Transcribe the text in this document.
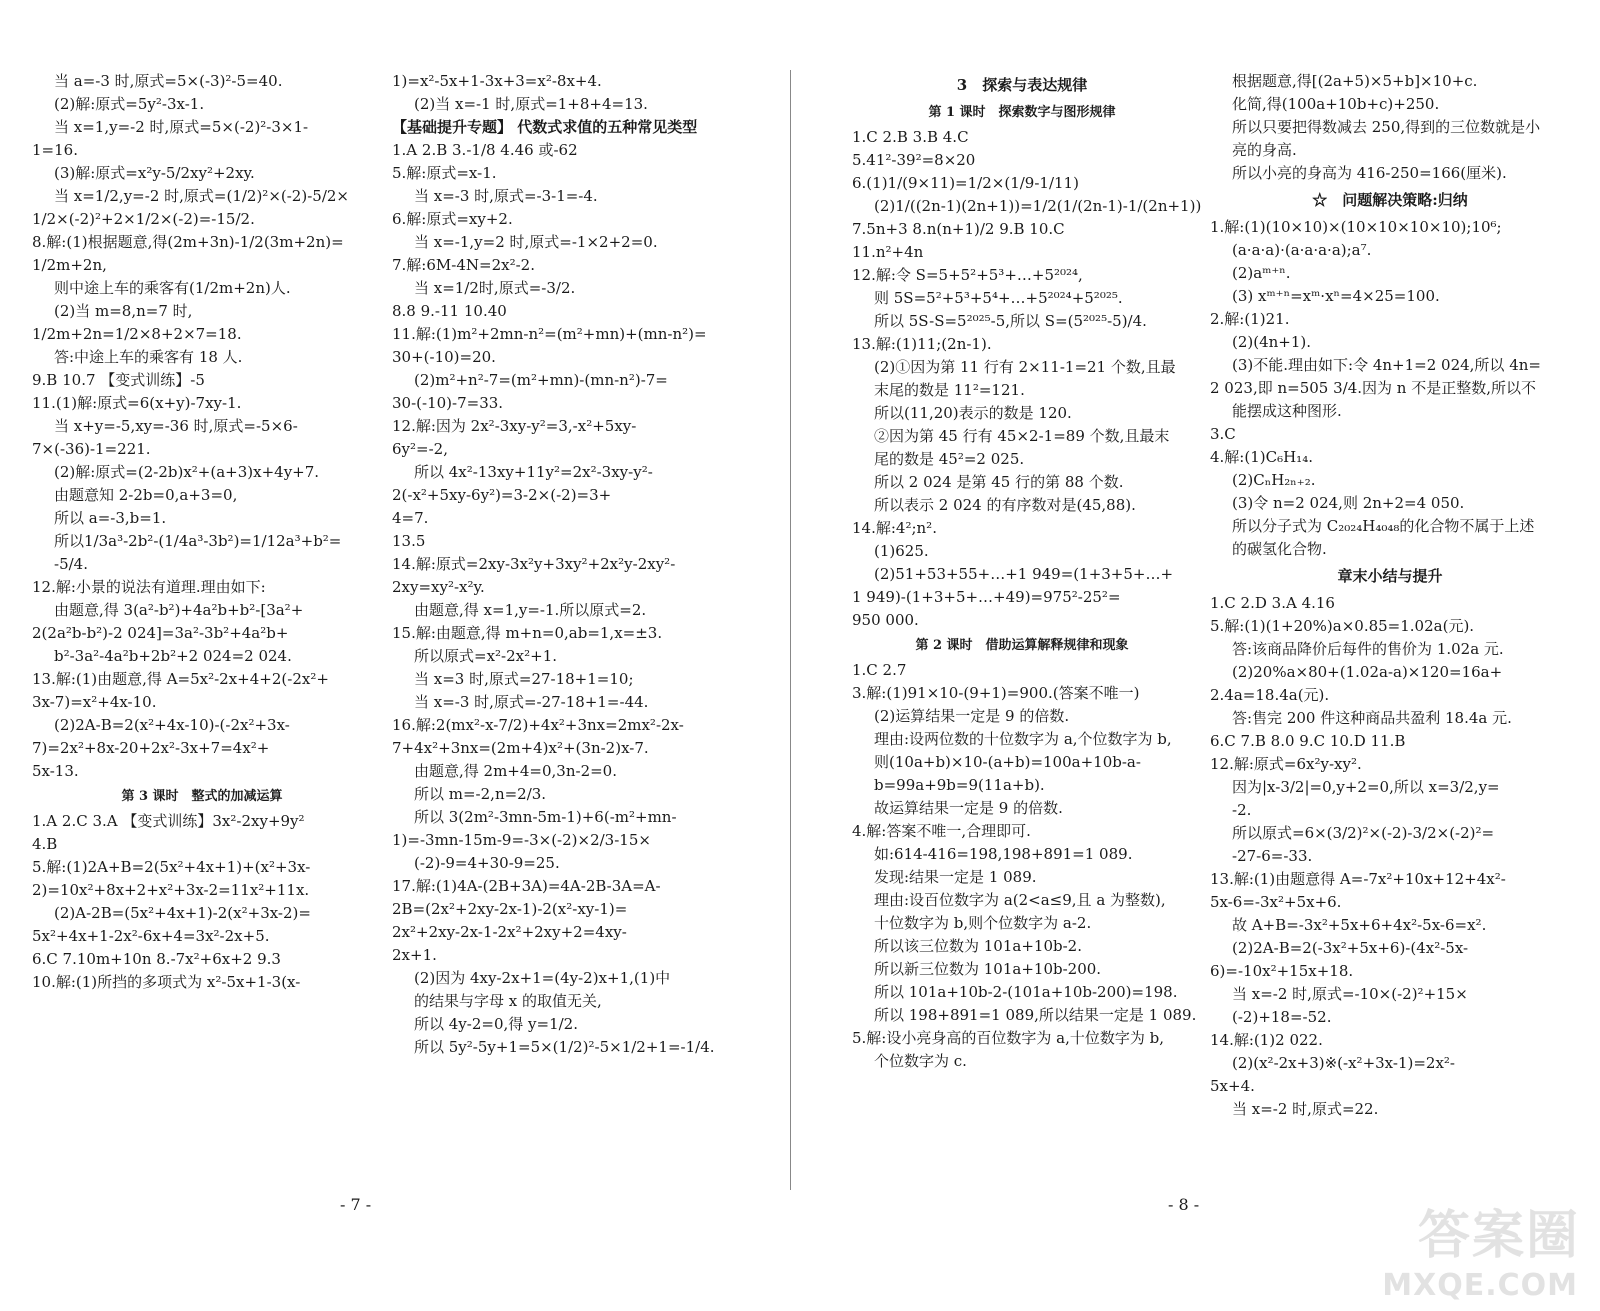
当 a=-3 时,原式=5×(-3)²-5=40.
(2)解:原式=5y²-3x-1.
当 x=1,y=-2 时,原式=5×(-2)²-3×1-
1=16.
(3)解:原式=x²y-5/2xy²+2xy.
当 x=1/2,y=-2 时,原式=(1/2)²×(-2)-5/2×
1/2×(-2)²+2×1/2×(-2)=-15/2.
8.解:(1)根据题意,得(2m+3n)-1/2(3m+2n)=
1/2m+2n,
则中途上车的乘客有(1/2m+2n)人.
(2)当 m=8,n=7 时,
1/2m+2n=1/2×8+2×7=18.
答:中途上车的乘客有 18 人.
9.B 10.7 【变式训练】-5
11.(1)解:原式=6(x+y)-7xy-1.
当 x+y=-5,xy=-36 时,原式=-5×6-
7×(-36)-1=221.
(2)解:原式=(2-2b)x²+(a+3)x+4y+7.
由题意知 2-2b=0,a+3=0,
所以 a=-3,b=1.
所以1/3a³-2b²-(1/4a³-3b²)=1/12a³+b²=
-5/4.
12.解:小景的说法有道理.理由如下:
由题意,得 3(a²-b²)+4a²b+b²-[3a²+
2(2a²b-b²)-2 024]=3a²-3b²+4a²b+
b²-3a²-4a²b+2b²+2 024=2 024.
13.解:(1)由题意,得 A=5x²-2x+4+2(-2x²+
3x-7)=x²+4x-10.
(2)2A-B=2(x²+4x-10)-(-2x²+3x-
7)=2x²+8x-20+2x²-3x+7=4x²+
5x-13.
第 3 课时　整式的加减运算
1.A 2.C 3.A 【变式训练】3x²-2xy+9y²
4.B
5.解:(1)2A+B=2(5x²+4x+1)+(x²+3x-
2)=10x²+8x+2+x²+3x-2=11x²+11x.
(2)A-2B=(5x²+4x+1)-2(x²+3x-2)=
5x²+4x+1-2x²-6x+4=3x²-2x+5.
6.C 7.10m+10n 8.-7x²+6x+2 9.3
10.解:(1)所挡的多项式为 x²-5x+1-3(x-
1)=x²-5x+1-3x+3=x²-8x+4.
(2)当 x=-1 时,原式=1+8+4=13.
【基础提升专题】 代数式求值的五种常见类型
1.A 2.B 3.-1/8 4.46 或-62
5.解:原式=x-1.
当 x=-3 时,原式=-3-1=-4.
6.解:原式=xy+2.
当 x=-1,y=2 时,原式=-1×2+2=0.
7.解:6M-4N=2x²-2.
当 x=1/2时,原式=-3/2.
8.8 9.-11 10.40
11.解:(1)m²+2mn-n²=(m²+mn)+(mn-n²)=
30+(-10)=20.
(2)m²+n²-7=(m²+mn)-(mn-n²)-7=
30-(-10)-7=33.
12.解:因为 2x²-3xy-y²=3,-x²+5xy-
6y²=-2,
所以 4x²-13xy+11y²=2x²-3xy-y²-
2(-x²+5xy-6y²)=3-2×(-2)=3+
4=7.
13.5
14.解:原式=2xy-3x²y+3xy²+2x²y-2xy²-
2xy=xy²-x²y.
由题意,得 x=1,y=-1.所以原式=2.
15.解:由题意,得 m+n=0,ab=1,x=±3.
所以原式=x²-2x²+1.
当 x=3 时,原式=27-18+1=10;
当 x=-3 时,原式=-27-18+1=-44.
16.解:2(mx²-x-7/2)+4x²+3nx=2mx²-2x-
7+4x²+3nx=(2m+4)x²+(3n-2)x-7.
由题意,得 2m+4=0,3n-2=0.
所以 m=-2,n=2/3.
所以 3(2m²-3mn-5m-1)+6(-m²+mn-
1)=-3mn-15m-9=-3×(-2)×2/3-15×
(-2)-9=4+30-9=25.
17.解:(1)4A-(2B+3A)=4A-2B-3A=A-
2B=(2x²+2xy-2x-1)-2(x²-xy-1)=
2x²+2xy-2x-1-2x²+2xy+2=4xy-
2x+1.
(2)因为 4xy-2x+1=(4y-2)x+1,(1)中
的结果与字母 x 的取值无关,
所以 4y-2=0,得 y=1/2.
所以 5y²-5y+1=5×(1/2)²-5×1/2+1=-1/4.
3　探索与表达规律
第 1 课时　探索数字与图形规律
1.C 2.B 3.B 4.C
5.41²-39²=8×20
6.(1)1/(9×11)=1/2×(1/9-1/11)
(2)1/((2n-1)(2n+1))=1/2(1/(2n-1)-1/(2n+1))
7.5n+3 8.n(n+1)/2 9.B 10.C
11.n²+4n
12.解:令 S=5+5²+5³+…+5²⁰²⁴,
则 5S=5²+5³+5⁴+…+5²⁰²⁴+5²⁰²⁵.
所以 5S-S=5²⁰²⁵-5,所以 S=(5²⁰²⁵-5)/4.
13.解:(1)11;(2n-1).
(2)①因为第 11 行有 2×11-1=21 个数,且最
末尾的数是 11²=121.
所以(11,20)表示的数是 120.
②因为第 45 行有 45×2-1=89 个数,且最末
尾的数是 45²=2 025.
所以 2 024 是第 45 行的第 88 个数.
所以表示 2 024 的有序数对是(45,88).
14.解:4²;n².
(1)625.
(2)51+53+55+…+1 949=(1+3+5+…+
1 949)-(1+3+5+…+49)=975²-25²=
950 000.
第 2 课时　借助运算解释规律和现象
1.C 2.7
3.解:(1)91×10-(9+1)=900.(答案不唯一)
(2)运算结果一定是 9 的倍数.
理由:设两位数的十位数字为 a,个位数字为 b,
则(10a+b)×10-(a+b)=100a+10b-a-
b=99a+9b=9(11a+b).
故运算结果一定是 9 的倍数.
4.解:答案不唯一,合理即可.
如:614-416=198,198+891=1 089.
发现:结果一定是 1 089.
理由:设百位数字为 a(2<a≤9,且 a 为整数),
十位数字为 b,则个位数字为 a-2.
所以该三位数为 101a+10b-2.
所以新三位数为 101a+10b-200.
所以 101a+10b-2-(101a+10b-200)=198.
所以 198+891=1 089,所以结果一定是 1 089.
5.解:设小亮身高的百位数字为 a,十位数字为 b,
个位数字为 c.
根据题意,得[(2a+5)×5+b]×10+c.
化简,得(100a+10b+c)+250.
所以只要把得数减去 250,得到的三位数就是小
亮的身高.
所以小亮的身高为 416-250=166(厘米).
☆　问题解决策略:归纳
1.解:(1)(10×10)×(10×10×10×10);10⁶;
(a·a·a)·(a·a·a·a);a⁷.
(2)aᵐ⁺ⁿ.
(3) xᵐ⁺ⁿ=xᵐ·xⁿ=4×25=100.
2.解:(1)21.
(2)(4n+1).
(3)不能.理由如下:令 4n+1=2 024,所以 4n=
2 023,即 n=505 3/4.因为 n 不是正整数,所以不
能摆成这种图形.
3.C
4.解:(1)C₆H₁₄.
(2)CₙH₂ₙ₊₂.
(3)令 n=2 024,则 2n+2=4 050.
所以分子式为 C₂₀₂₄H₄₀₄₈的化合物不属于上述
的碳氢化合物.
章末小结与提升
1.C 2.D 3.A 4.16
5.解:(1)(1+20%)a×0.85=1.02a(元).
答:该商品降价后每件的售价为 1.02a 元.
(2)20%a×80+(1.02a-a)×120=16a+
2.4a=18.4a(元).
答:售完 200 件这种商品共盈利 18.4a 元.
6.C 7.B 8.0 9.C 10.D 11.B
12.解:原式=6x²y-xy².
因为|x-3/2|=0,y+2=0,所以 x=3/2,y=
-2.
所以原式=6×(3/2)²×(-2)-3/2×(-2)²=
-27-6=-33.
13.解:(1)由题意得 A=-7x²+10x+12+4x²-
5x-6=-3x²+5x+6.
故 A+B=-3x²+5x+6+4x²-5x-6=x².
(2)2A-B=2(-3x²+5x+6)-(4x²-5x-
6)=-10x²+15x+18.
当 x=-2 时,原式=-10×(-2)²+15×
(-2)+18=-52.
14.解:(1)2 022.
(2)(x²-2x+3)※(-x²+3x-1)=2x²-
5x+4.
当 x=-2 时,原式=22.
- 7 -	- 8 -
答案圈
MXQE.COM
